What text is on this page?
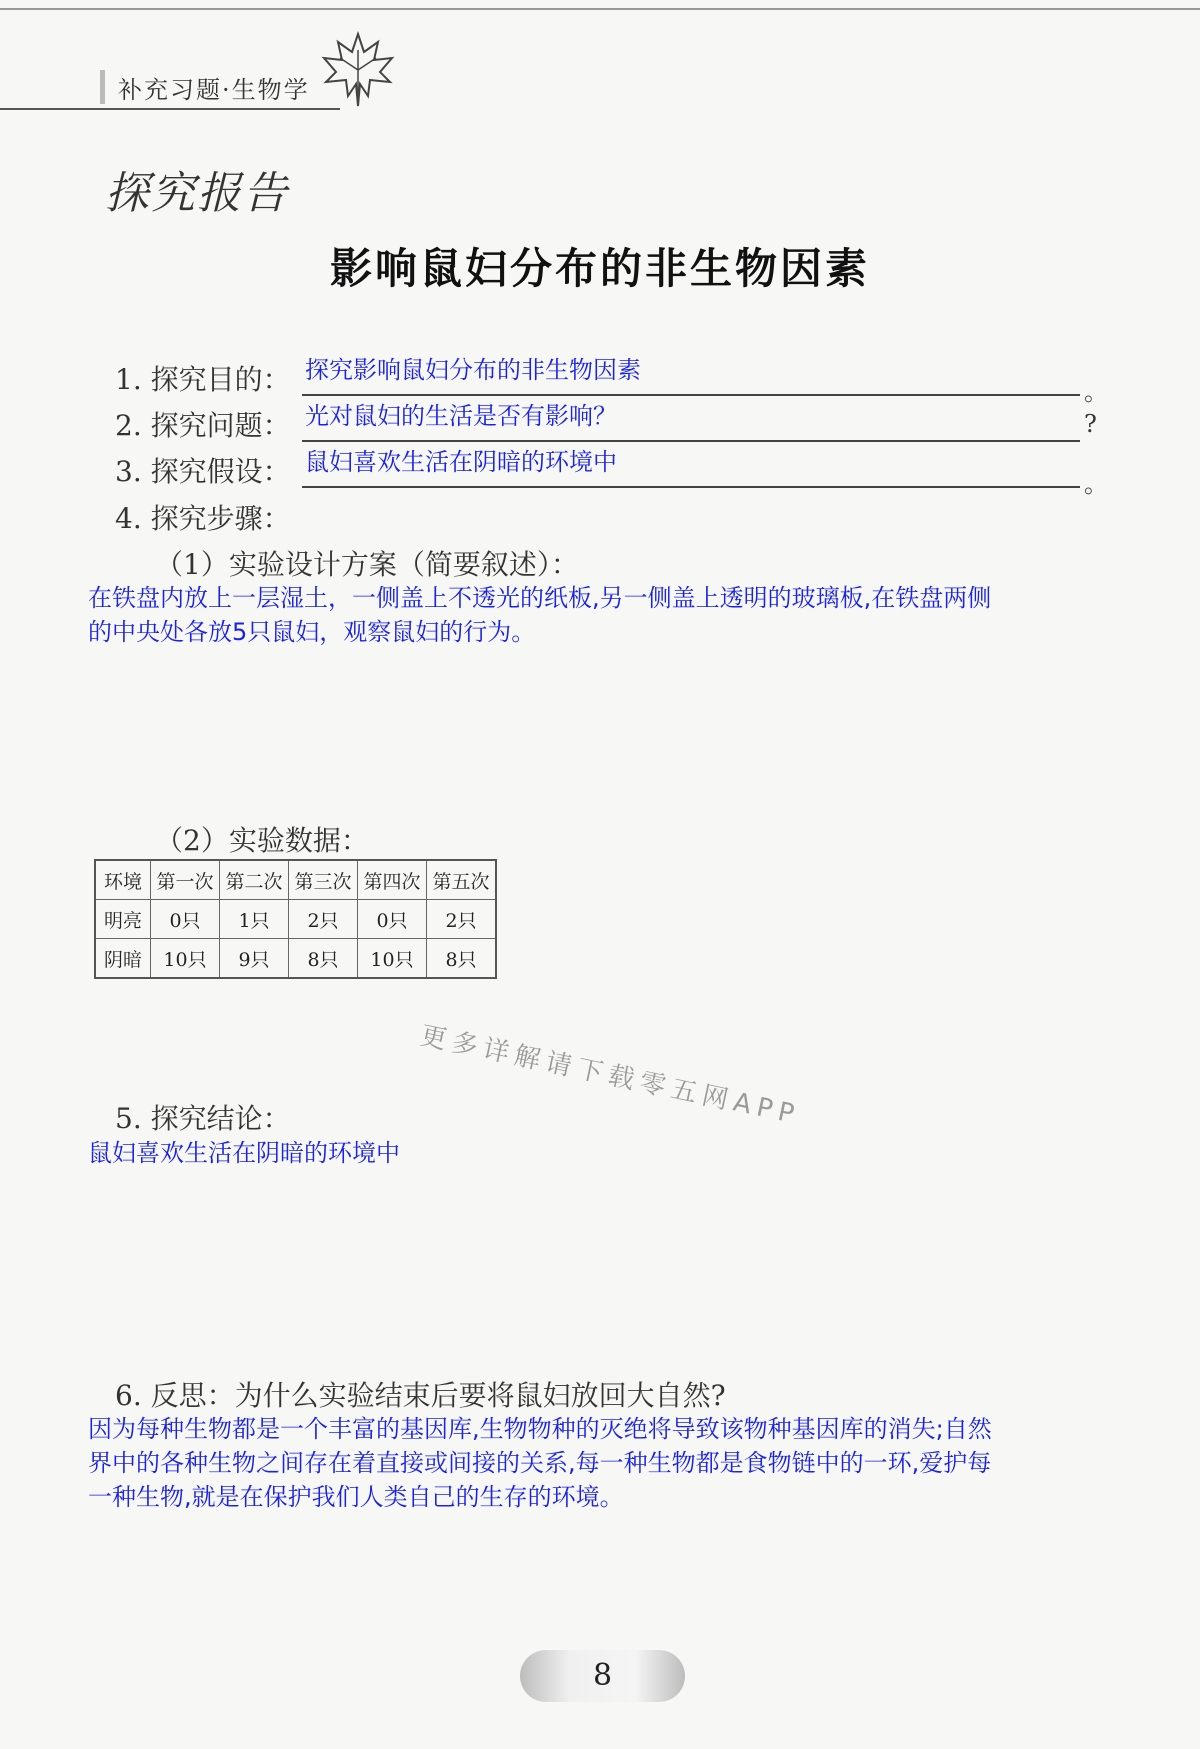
补充习题·生物学
探究报告
影响鼠妇分布的非生物因素
1. 探究目的： 探究影响鼠妇分布的非生物因素
。
2. 探究问题： 光对鼠妇的生活是否有影响？	?
3. 探究假设： 鼠妇喜欢生活在阴暗的环境中
。
4. 探究步骤：
（1）实验设计方案（简要叙述）：
在铁盘内放上一层湿土，一侧盖上不透光的纸板,另一侧盖上透明的玻璃板,在铁盘两侧
的中央处各放5只鼠妇，观察鼠妇的行为。
（2）实验数据：
环境	第一次	第二次	第三次	第四次	第五次
明亮	0只	1只	2只	0只	2只
阴暗	10只	9只	8只	10只	8只
更多详解请下载零五网APP
5. 探究结论：
鼠妇喜欢生活在阴暗的环境中
6. 反思：为什么实验结束后要将鼠妇放回大自然?
因为每种生物都是一个丰富的基因库,生物物种的灭绝将导致该物种基因库的消失;自然
界中的各种生物之间存在着直接或间接的关系,每一种生物都是食物链中的一环,爱护每
一种生物,就是在保护我们人类自己的生存的环境。
8
